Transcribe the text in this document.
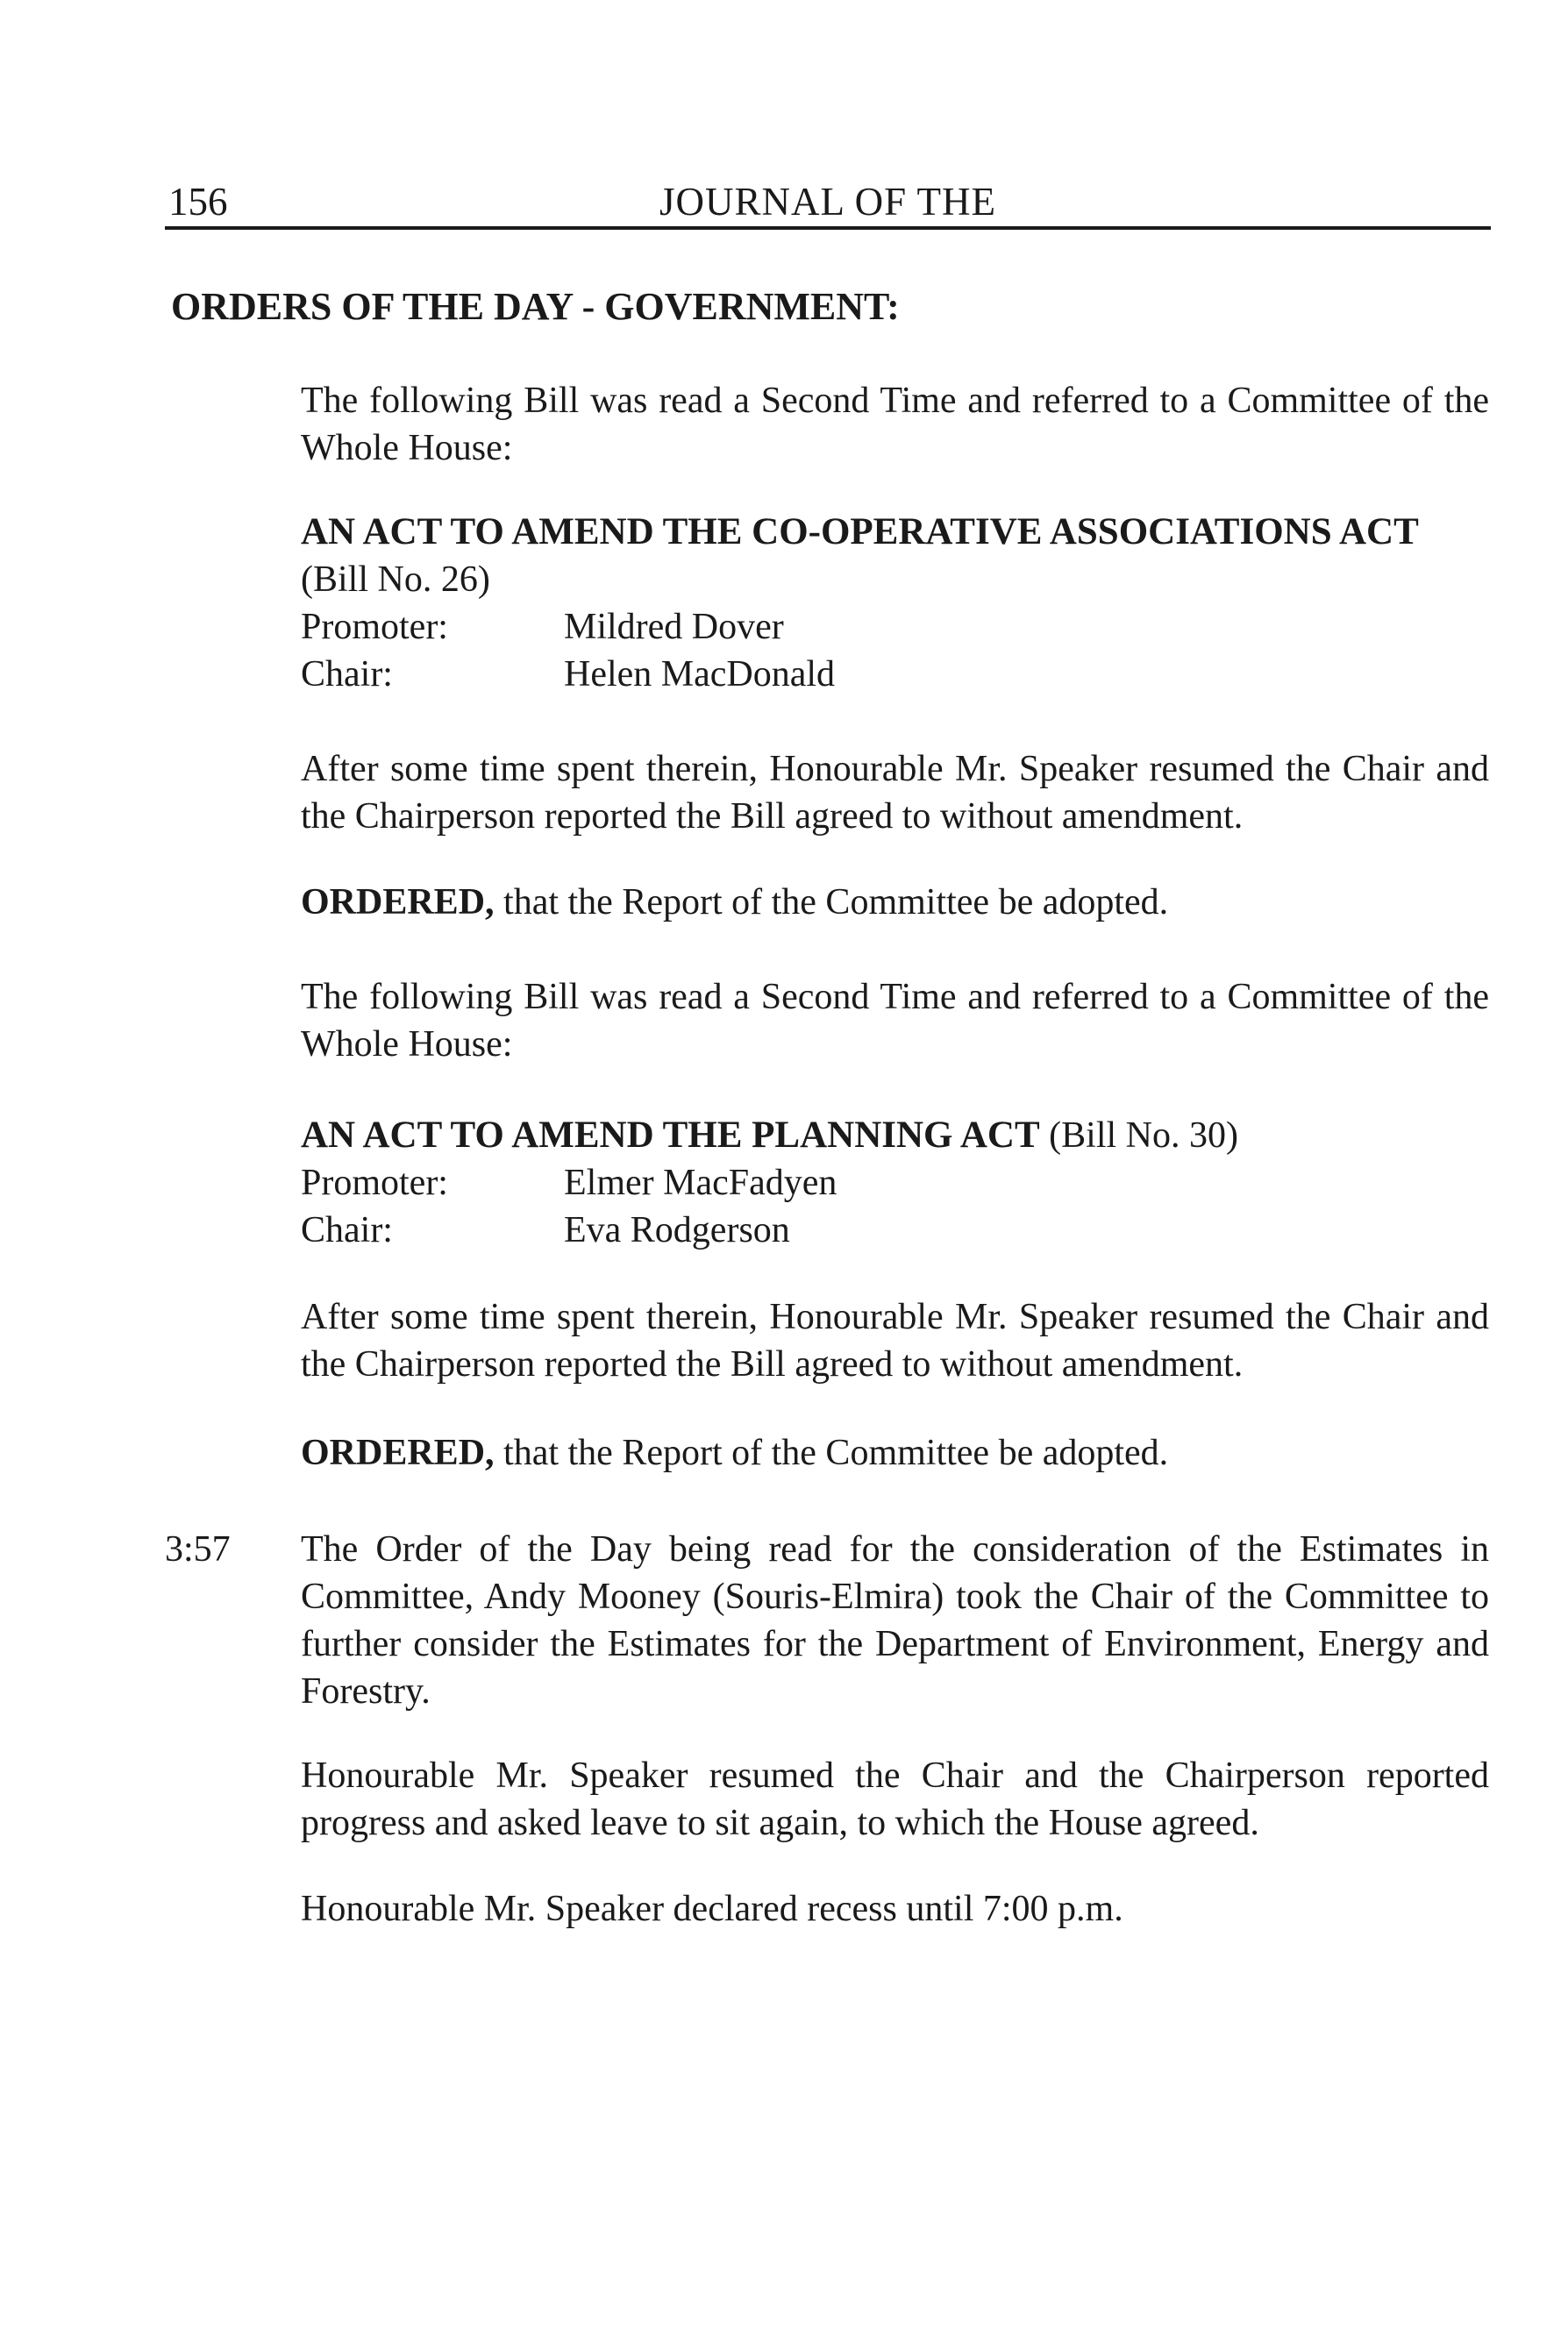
156	JOURNAL OF THE
ORDERS OF THE DAY - GOVERNMENT:

The following Bill was read a Second Time and referred to a Committee of the Whole House:

AN ACT TO AMEND THE CO-OPERATIVE ASSOCIATIONS ACT
(Bill No. 26)
Promoter:	Mildred Dover
Chair:	Helen MacDonald

After some time spent therein, Honourable Mr. Speaker resumed the Chair and the Chairperson reported the Bill agreed to without amendment.

ORDERED, that the Report of the Committee be adopted.

The following Bill was read a Second Time and referred to a Committee of the Whole House:

AN ACT TO AMEND THE PLANNING ACT (Bill No. 30)
Promoter:	Elmer MacFadyen
Chair:	Eva Rodgerson

After some time spent therein, Honourable Mr. Speaker resumed the Chair and the Chairperson reported the Bill agreed to without amendment.

ORDERED, that the Report of the Committee be adopted.

3:57 The Order of the Day being read for the consideration of the Estimates in Committee, Andy Mooney (Souris-Elmira) took the Chair of the Committee to further consider the Estimates for the Department of Environment, Energy and Forestry.

Honourable Mr. Speaker resumed the Chair and the Chairperson reported progress and asked leave to sit again, to which the House agreed.

Honourable Mr. Speaker declared recess until 7:00 p.m.
